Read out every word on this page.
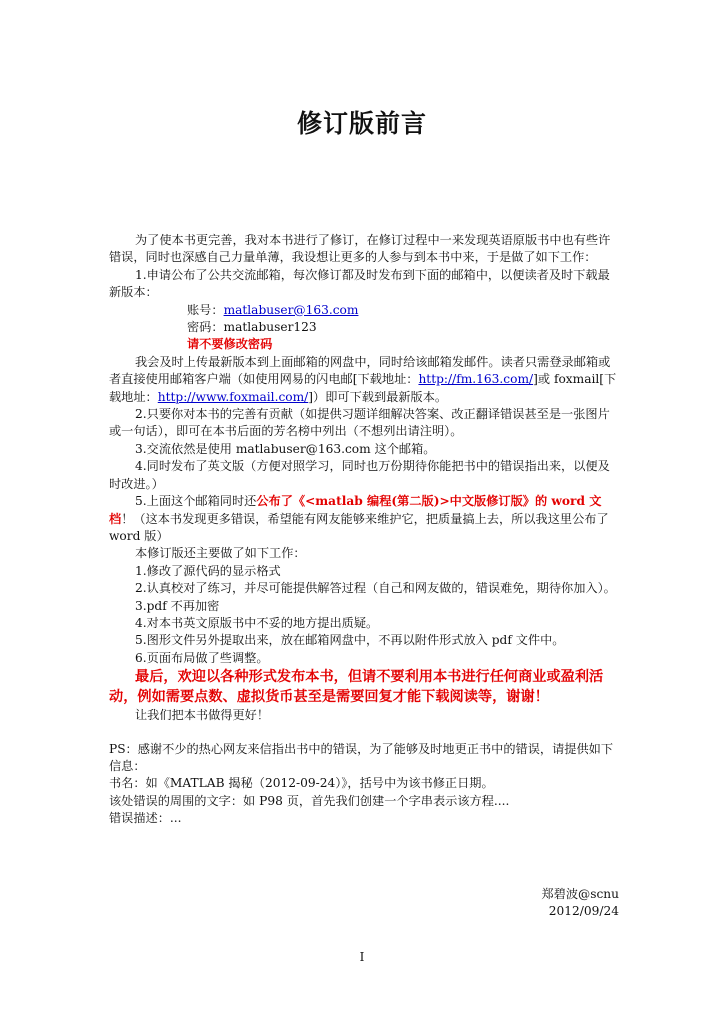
修订版前言

为了使本书更完善，我对本书进行了修订，在修订过程中一来发现英语原版书中也有些许错误，同时也深感自己力量单薄，我设想让更多的人参与到本书中来，于是做了如下工作：

1.申请公布了公共交流邮箱，每次修订都及时发布到下面的邮箱中，以便读者及时下载最新版本：

账号：matlabuser@163.com

密码：matlabuser123

请不要修改密码

我会及时上传最新版本到上面邮箱的网盘中，同时给该邮箱发邮件。读者只需登录邮箱或者直接使用邮箱客户端（如使用网易的闪电邮[下载地址：http://fm.163.com/]或 foxmail[下载地址：http://www.foxmail.com/]）即可下载到最新版本。

2.只要你对本书的完善有贡献（如提供习题详细解决答案、改正翻译错误甚至是一张图片或一句话），即可在本书后面的芳名榜中列出（不想列出请注明）。

3.交流依然是使用 matlabuser@163.com 这个邮箱。

4.同时发布了英文版（方便对照学习，同时也万份期待你能把书中的错误指出来，以便及时改进。）

5.上面这个邮箱同时还公布了《<matlab 编程(第二版)>中文版修订版》的 word 文档！（这本书发现更多错误，希望能有网友能够来维护它，把质量搞上去，所以我这里公布了 word 版）

本修订版还主要做了如下工作：

1.修改了源代码的显示格式

2.认真校对了练习，并尽可能提供解答过程（自己和网友做的，错误难免，期待你加入）。

3.pdf 不再加密

4.对本书英文原版书中不妥的地方提出质疑。

5.图形文件另外提取出来，放在邮箱网盘中，不再以附件形式放入 pdf 文件中。

6.页面布局做了些调整。

最后，欢迎以各种形式发布本书，但请不要利用本书进行任何商业或盈利活动，例如需要点数、虚拟货币甚至是需要回复才能下载阅读等，谢谢！

让我们把本书做得更好！

PS：感谢不少的热心网友来信指出书中的错误，为了能够及时地更正书中的错误，请提供如下信息：

书名：如《MATLAB 揭秘（2012-09-24）》，括号中为该书修正日期。

该处错误的周围的文字：如 P98 页，首先我们创建一个字串表示该方程....

错误描述：...

郑碧波@scnu

2012/09/24

I
